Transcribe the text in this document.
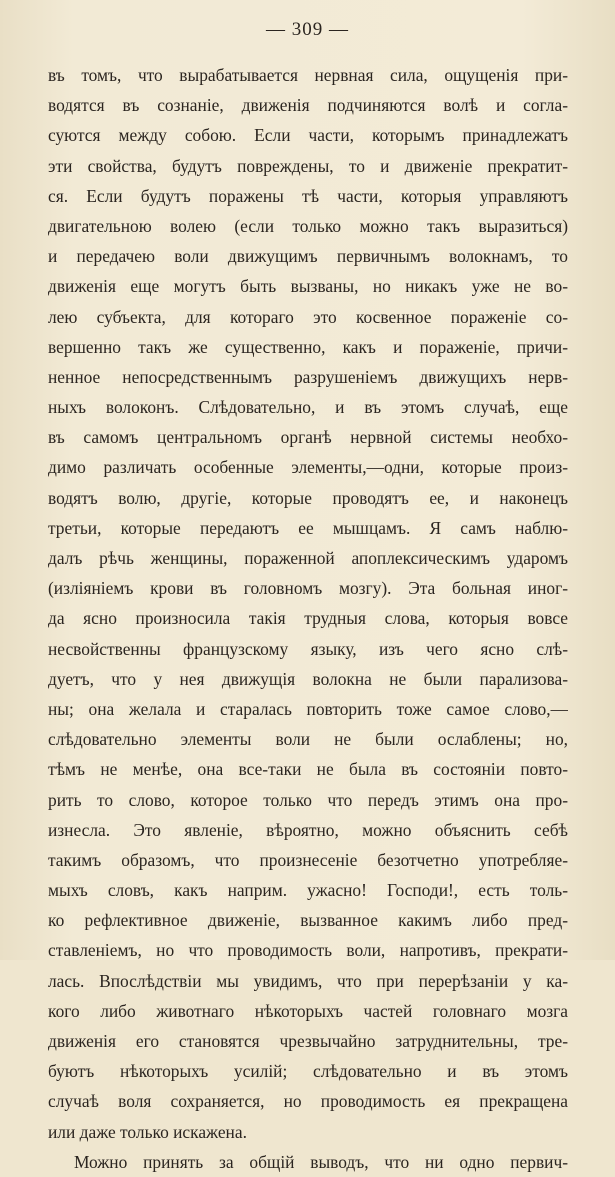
— 309 —
въ томъ, что вырабатывается нервная сила, ощущенія при-
водятся въ сознаніе, движенія подчиняются волѣ и согла-
суются между собою. Если части, которымъ принадлежатъ
эти свойства, будутъ повреждены, то и движеніе прекратит-
ся. Если будутъ поражены тѣ части, которыя управляютъ
двигательною волею (если только можно такъ выразиться)
и передачею воли движущимъ первичнымъ волокнамъ, то
движенія еще могутъ быть вызваны, но никакъ уже не во-
лею субъекта, для котораго это косвенное пораженіе со-
вершенно такъ же существенно, какъ и пораженіе, причи-
ненное непосредственнымъ разрушеніемъ движущихъ нерв-
ныхъ волоконъ. Слѣдовательно, и въ этомъ случаѣ, еще
въ самомъ центральномъ органѣ нервной системы необхо-
димо различать особенные элементы,—одни, которые произ-
водятъ волю, другіе, которые проводятъ ее, и наконецъ
третьи, которые передаютъ ее мышцамъ. Я самъ наблю-
далъ рѣчь женщины, пораженной апоплексическимъ ударомъ
(изліяніемъ крови въ головномъ мозгу). Эта больная иног-
да ясно произносила такія трудныя слова, которыя вовсе
несвойственны французскому языку, изъ чего ясно слѣ-
дуетъ, что у нея движущія волокна не были парализова-
ны; она желала и старалась повторить тоже самое слово,—
слѣдовательно элементы воли не были ослаблены; но,
тѣмъ не менѣе, она все-таки не была въ состояніи повто-
рить то слово, которое только что передъ этимъ она про-
изнесла. Это явленіе, вѣроятно, можно объяснить себѣ
такимъ образомъ, что произнесеніе безотчетно употребляе-
мыхъ словъ, какъ наприм. ужасно! Господи!, есть толь-
ко рефлективное движеніе, вызванное какимъ либо пред-
ставленіемъ, но что проводимость воли, напротивъ, прекрати-
лась. Впослѣдствіи мы увидимъ, что при перерѣзаніи у ка-
кого либо животнаго нѣкоторыхъ частей головнаго мозга
движенія его становятся чрезвычайно затруднительны, тре-
буютъ нѣкоторыхъ усилій; слѣдовательно и въ этомъ
случаѣ воля сохраняется, но проводимость ея прекращена
или даже только искажена.
Можно принять за общій выводъ, что ни одно первич-
